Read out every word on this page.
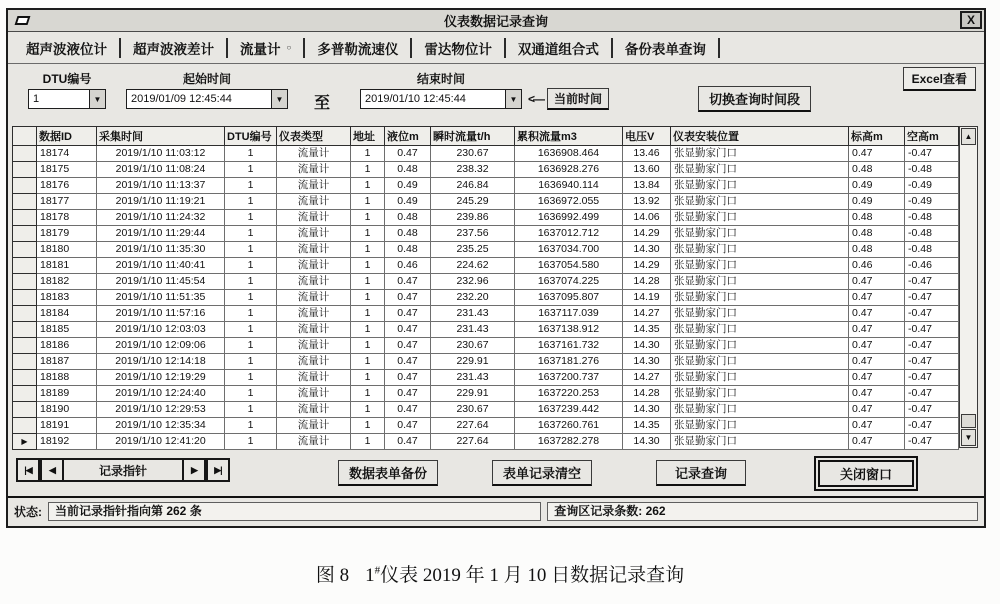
仪表数据记录查询	X
超声波液位计 超声波液差计 流量计 ○ 多普勒流速仪 雷达物位计 双通道组合式 备份表单查询
DTU编号
1	▼
起始时间
2019/01/09 12:45:44	▼ 至
结束时间
2019/01/10 12:45:44	▼ <— 当前时间	切换查询时间段
Excel查看
	数据ID	采集时间	DTU编号	仪表类型	地址	液位m	瞬时流量t/h	累积流量m3	电压V	仪表安装位置	标高m	空高m
	18174	2019/1/10 11:03:12	1	流量计	1	0.47	230.67	1636908.464	13.46	张显勤家门口	0.47	-0.47
	18175	2019/1/10 11:08:24	1	流量计	1	0.48	238.32	1636928.276	13.60	张显勤家门口	0.48	-0.48
	18176	2019/1/10 11:13:37	1	流量计	1	0.49	246.84	1636940.114	13.84	张显勤家门口	0.49	-0.49
	18177	2019/1/10 11:19:21	1	流量计	1	0.49	245.29	1636972.055	13.92	张显勤家门口	0.49	-0.49
	18178	2019/1/10 11:24:32	1	流量计	1	0.48	239.86	1636992.499	14.06	张显勤家门口	0.48	-0.48
	18179	2019/1/10 11:29:44	1	流量计	1	0.48	237.56	1637012.712	14.29	张显勤家门口	0.48	-0.48
	18180	2019/1/10 11:35:30	1	流量计	1	0.48	235.25	1637034.700	14.30	张显勤家门口	0.48	-0.48
	18181	2019/1/10 11:40:41	1	流量计	1	0.46	224.62	1637054.580	14.29	张显勤家门口	0.46	-0.46
	18182	2019/1/10 11:45:54	1	流量计	1	0.47	232.96	1637074.225	14.28	张显勤家门口	0.47	-0.47
	18183	2019/1/10 11:51:35	1	流量计	1	0.47	232.20	1637095.807	14.19	张显勤家门口	0.47	-0.47
	18184	2019/1/10 11:57:16	1	流量计	1	0.47	231.43	1637117.039	14.27	张显勤家门口	0.47	-0.47
	18185	2019/1/10 12:03:03	1	流量计	1	0.47	231.43	1637138.912	14.35	张显勤家门口	0.47	-0.47
	18186	2019/1/10 12:09:06	1	流量计	1	0.47	230.67	1637161.732	14.30	张显勤家门口	0.47	-0.47
	18187	2019/1/10 12:14:18	1	流量计	1	0.47	229.91	1637181.276	14.30	张显勤家门口	0.47	-0.47
	18188	2019/1/10 12:19:29	1	流量计	1	0.47	231.43	1637200.737	14.27	张显勤家门口	0.47	-0.47
	18189	2019/1/10 12:24:40	1	流量计	1	0.47	229.91	1637220.253	14.28	张显勤家门口	0.47	-0.47
	18190	2019/1/10 12:29:53	1	流量计	1	0.47	230.67	1637239.442	14.30	张显勤家门口	0.47	-0.47
	18191	2019/1/10 12:35:34	1	流量计	1	0.47	227.64	1637260.761	14.35	张显勤家门口	0.47	-0.47
▶	18192	2019/1/10 12:41:20	1	流量计	1	0.47	227.64	1637282.278	14.30	张显勤家门口	0.47	-0.47
▲
▼
|◀	◀	记录指针	▶	▶|	数据表单备份	表单记录清空	记录查询	关闭窗口
状态:	当前记录指针指向第 262 条	查询区记录条数: 262
图 8 1#仪表 2019 年 1 月 10 日数据记录查询
